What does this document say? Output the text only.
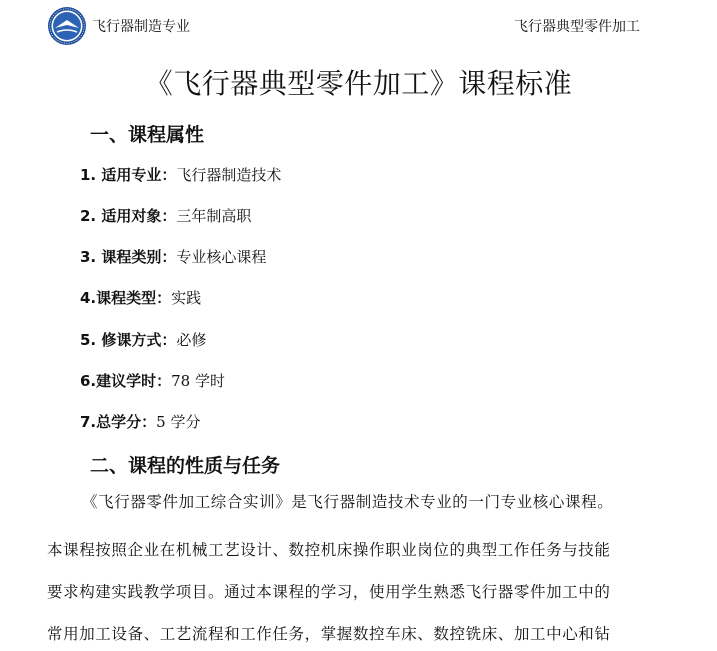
飞行器制造专业	飞行器典型零件加工
《飞行器典型零件加工》课程标准
一、课程属性
1. 适用专业：飞行器制造技术
2. 适用对象：三年制高职
3. 课程类别：专业核心课程
4.课程类型：实践
5. 修课方式：必修
6.建议学时：78 学时
7.总学分：5 学分
二、课程的性质与任务
《飞行器零件加工综合实训》是飞行器制造技术专业的一门专业核心课程。
本课程按照企业在机械工艺设计、数控机床操作职业岗位的典型工作任务与技能
要求构建实践教学项目。通过本课程的学习，使用学生熟悉飞行器零件加工中的
常用加工设备、工艺流程和工作任务，掌握数控车床、数控铣床、加工中心和钻
